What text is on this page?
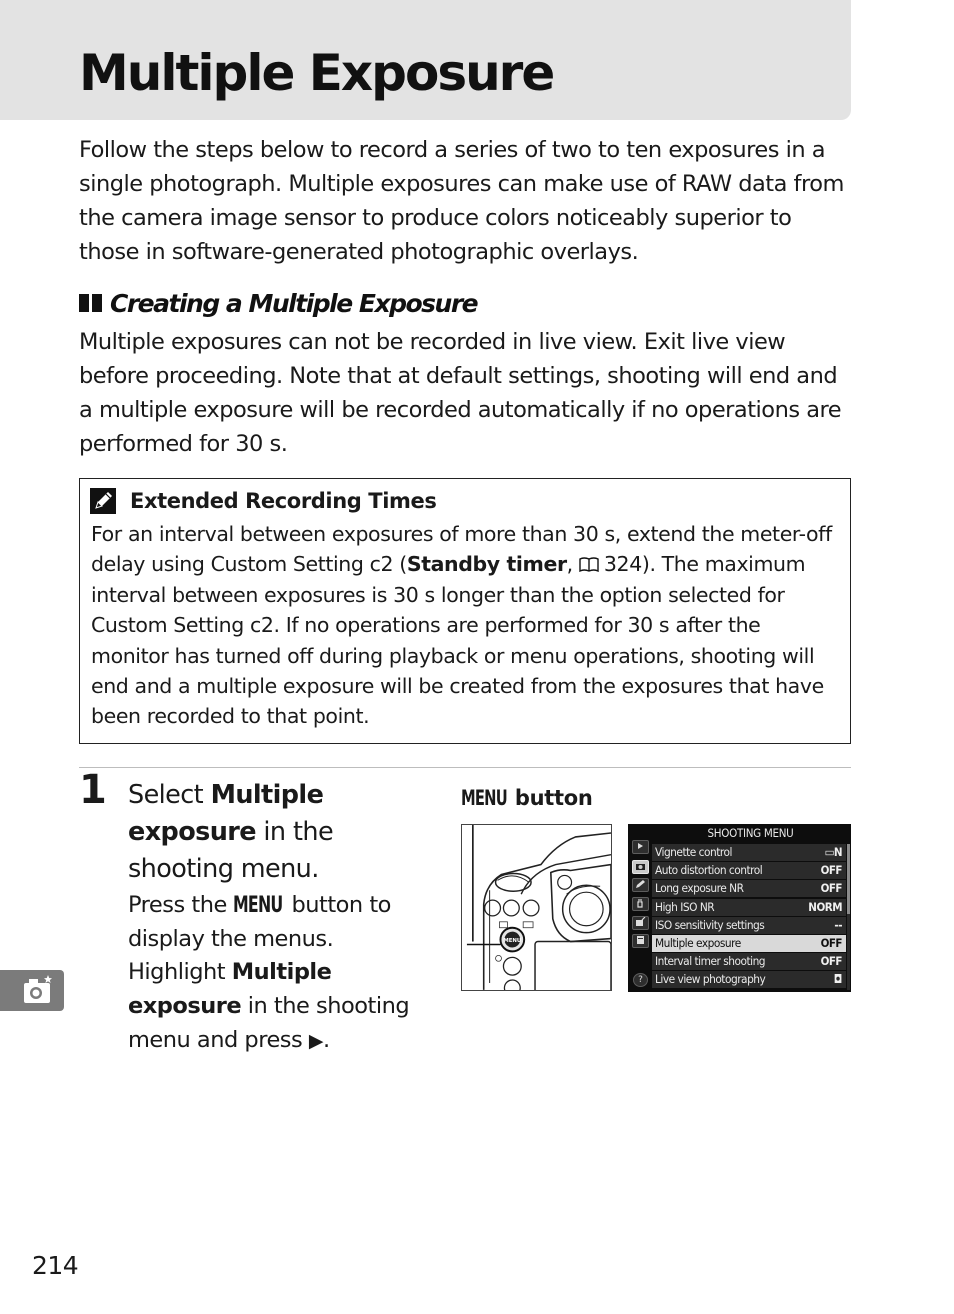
Multiple Exposure

Follow the steps below to record a series of two to ten exposures in a single photograph. Multiple exposures can make use of RAW data from the camera image sensor to produce colors noticeably superior to those in software-generated photographic overlays.

Creating a Multiple Exposure

Multiple exposures can not be recorded in live view. Exit live view before proceeding. Note that at default settings, shooting will end and a multiple exposure will be recorded automatically if no operations are performed for 30 s.

Extended Recording Times

For an interval between exposures of more than 30 s, extend the meter-off delay using Custom Setting c2 (Standby timer, 324). The maximum interval between exposures is 30 s longer than the option selected for Custom Setting c2. If no operations are performed for 30 s after the monitor has turned off during playback or menu operations, shooting will end and a multiple exposure will be created from the exposures that have been recorded to that point.

1 Select Multiple exposure in the shooting menu.

Press the MENU button to display the menus. Highlight Multiple exposure in the shooting menu and press ▶.

MENU button
MENU
SHOOTING MENU
?
Vignette control	▭N
Auto distortion control	OFF
Long exposure NR	OFF
High ISO NR	NORM
ISO sensitivity settings	--
Multiple exposure	OFF
Interval timer shooting	OFF
Live view photography	◘
214
